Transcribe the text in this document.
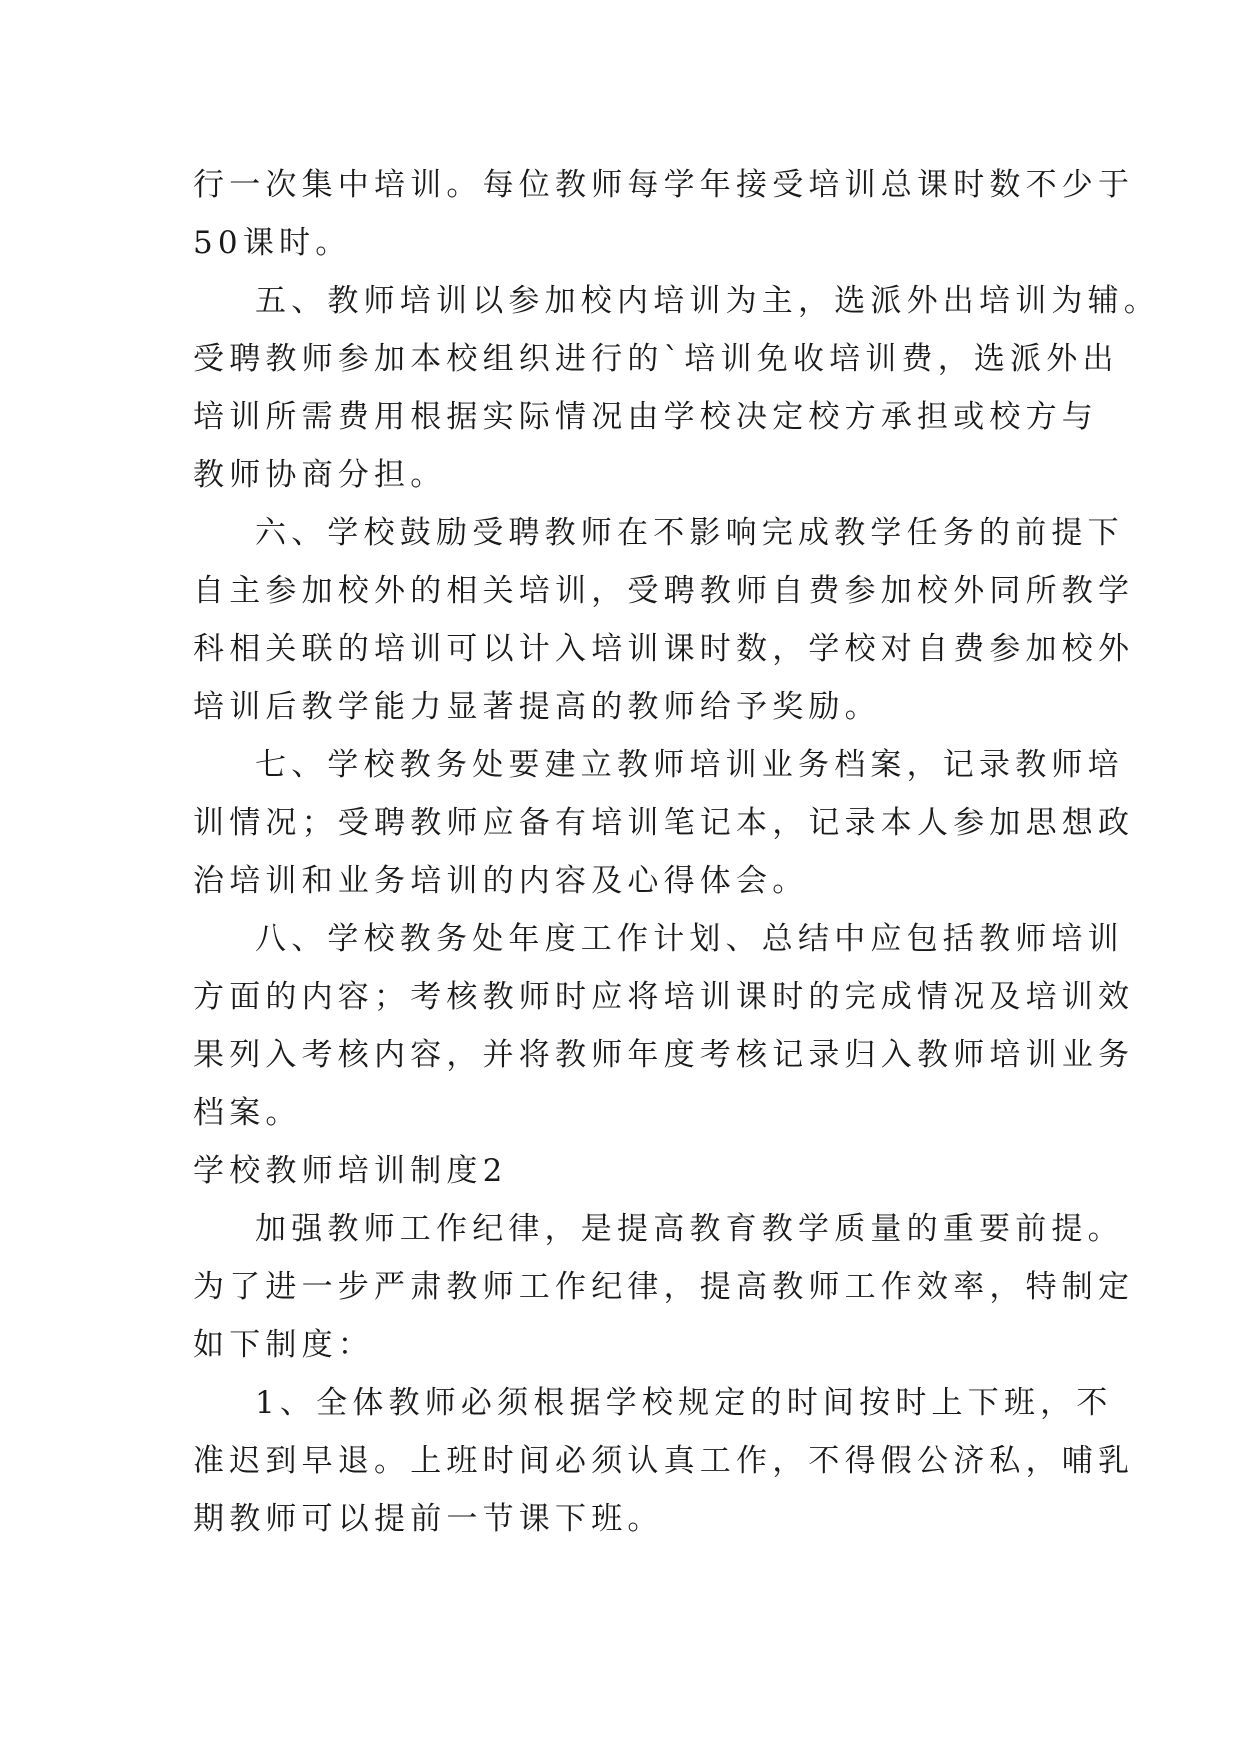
行一次集中培训。每位教师每学年接受培训总课时数不少于

50课时。

五、教师培训以参加校内培训为主，选派外出培训为辅。

受聘教师参加本校组织进行的`培训免收培训费，选派外出

培训所需费用根据实际情况由学校决定校方承担或校方与

教师协商分担。

六、学校鼓励受聘教师在不影响完成教学任务的前提下

自主参加校外的相关培训，受聘教师自费参加校外同所教学

科相关联的培训可以计入培训课时数，学校对自费参加校外

培训后教学能力显著提高的教师给予奖励。

七、学校教务处要建立教师培训业务档案，记录教师培

训情况；受聘教师应备有培训笔记本，记录本人参加思想政

治培训和业务培训的内容及心得体会。

八、学校教务处年度工作计划、总结中应包括教师培训

方面的内容；考核教师时应将培训课时的完成情况及培训效

果列入考核内容，并将教师年度考核记录归入教师培训业务

档案。

学校教师培训制度2

加强教师工作纪律，是提高教育教学质量的重要前提。

为了进一步严肃教师工作纪律，提高教师工作效率，特制定

如下制度：

1、全体教师必须根据学校规定的时间按时上下班，不

准迟到早退。上班时间必须认真工作，不得假公济私，哺乳

期教师可以提前一节课下班。
